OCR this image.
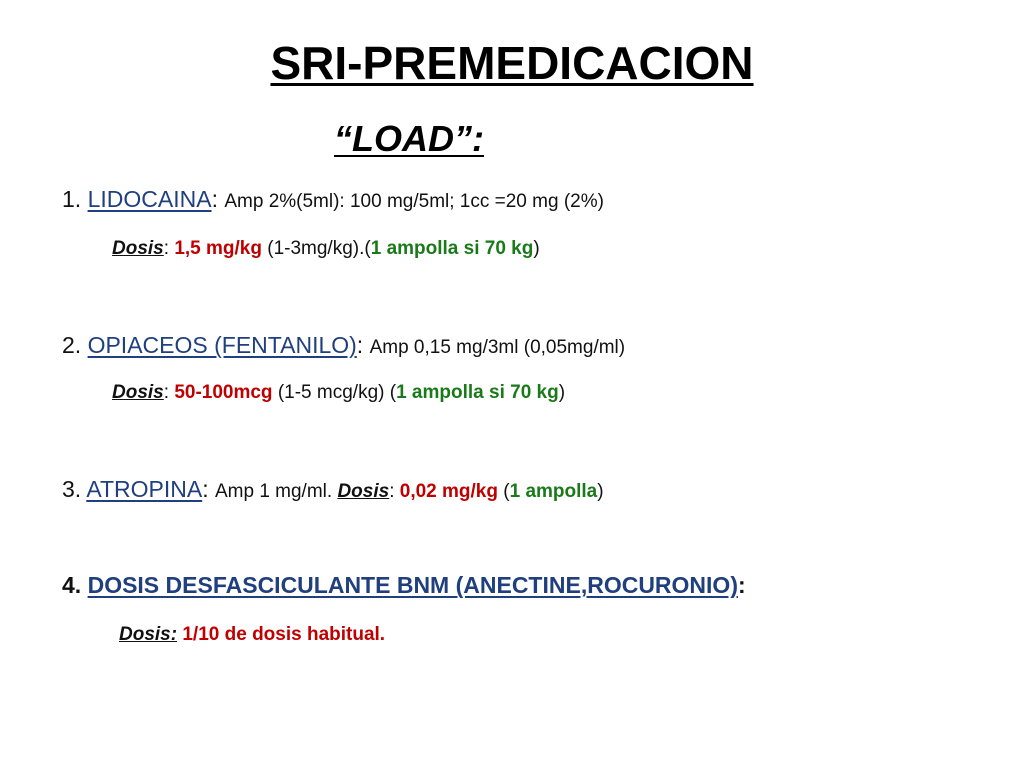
SRI-PREMEDICACION

“LOAD”:

1. LIDOCAINA: Amp 2%(5ml): 100 mg/5ml; 1cc =20 mg (2%)

Dosis: 1,5 mg/kg (1-3mg/kg).(1 ampolla si 70 kg)

2. OPIACEOS (FENTANILO): Amp 0,15 mg/3ml (0,05mg/ml)

Dosis: 50-100mcg (1-5 mcg/kg) (1 ampolla si 70 kg)

3. ATROPINA: Amp 1 mg/ml. Dosis: 0,02 mg/kg (1 ampolla)

4. DOSIS DESFASCICULANTE BNM (ANECTINE,ROCURONIO):

Dosis: 1/10 de dosis habitual.
